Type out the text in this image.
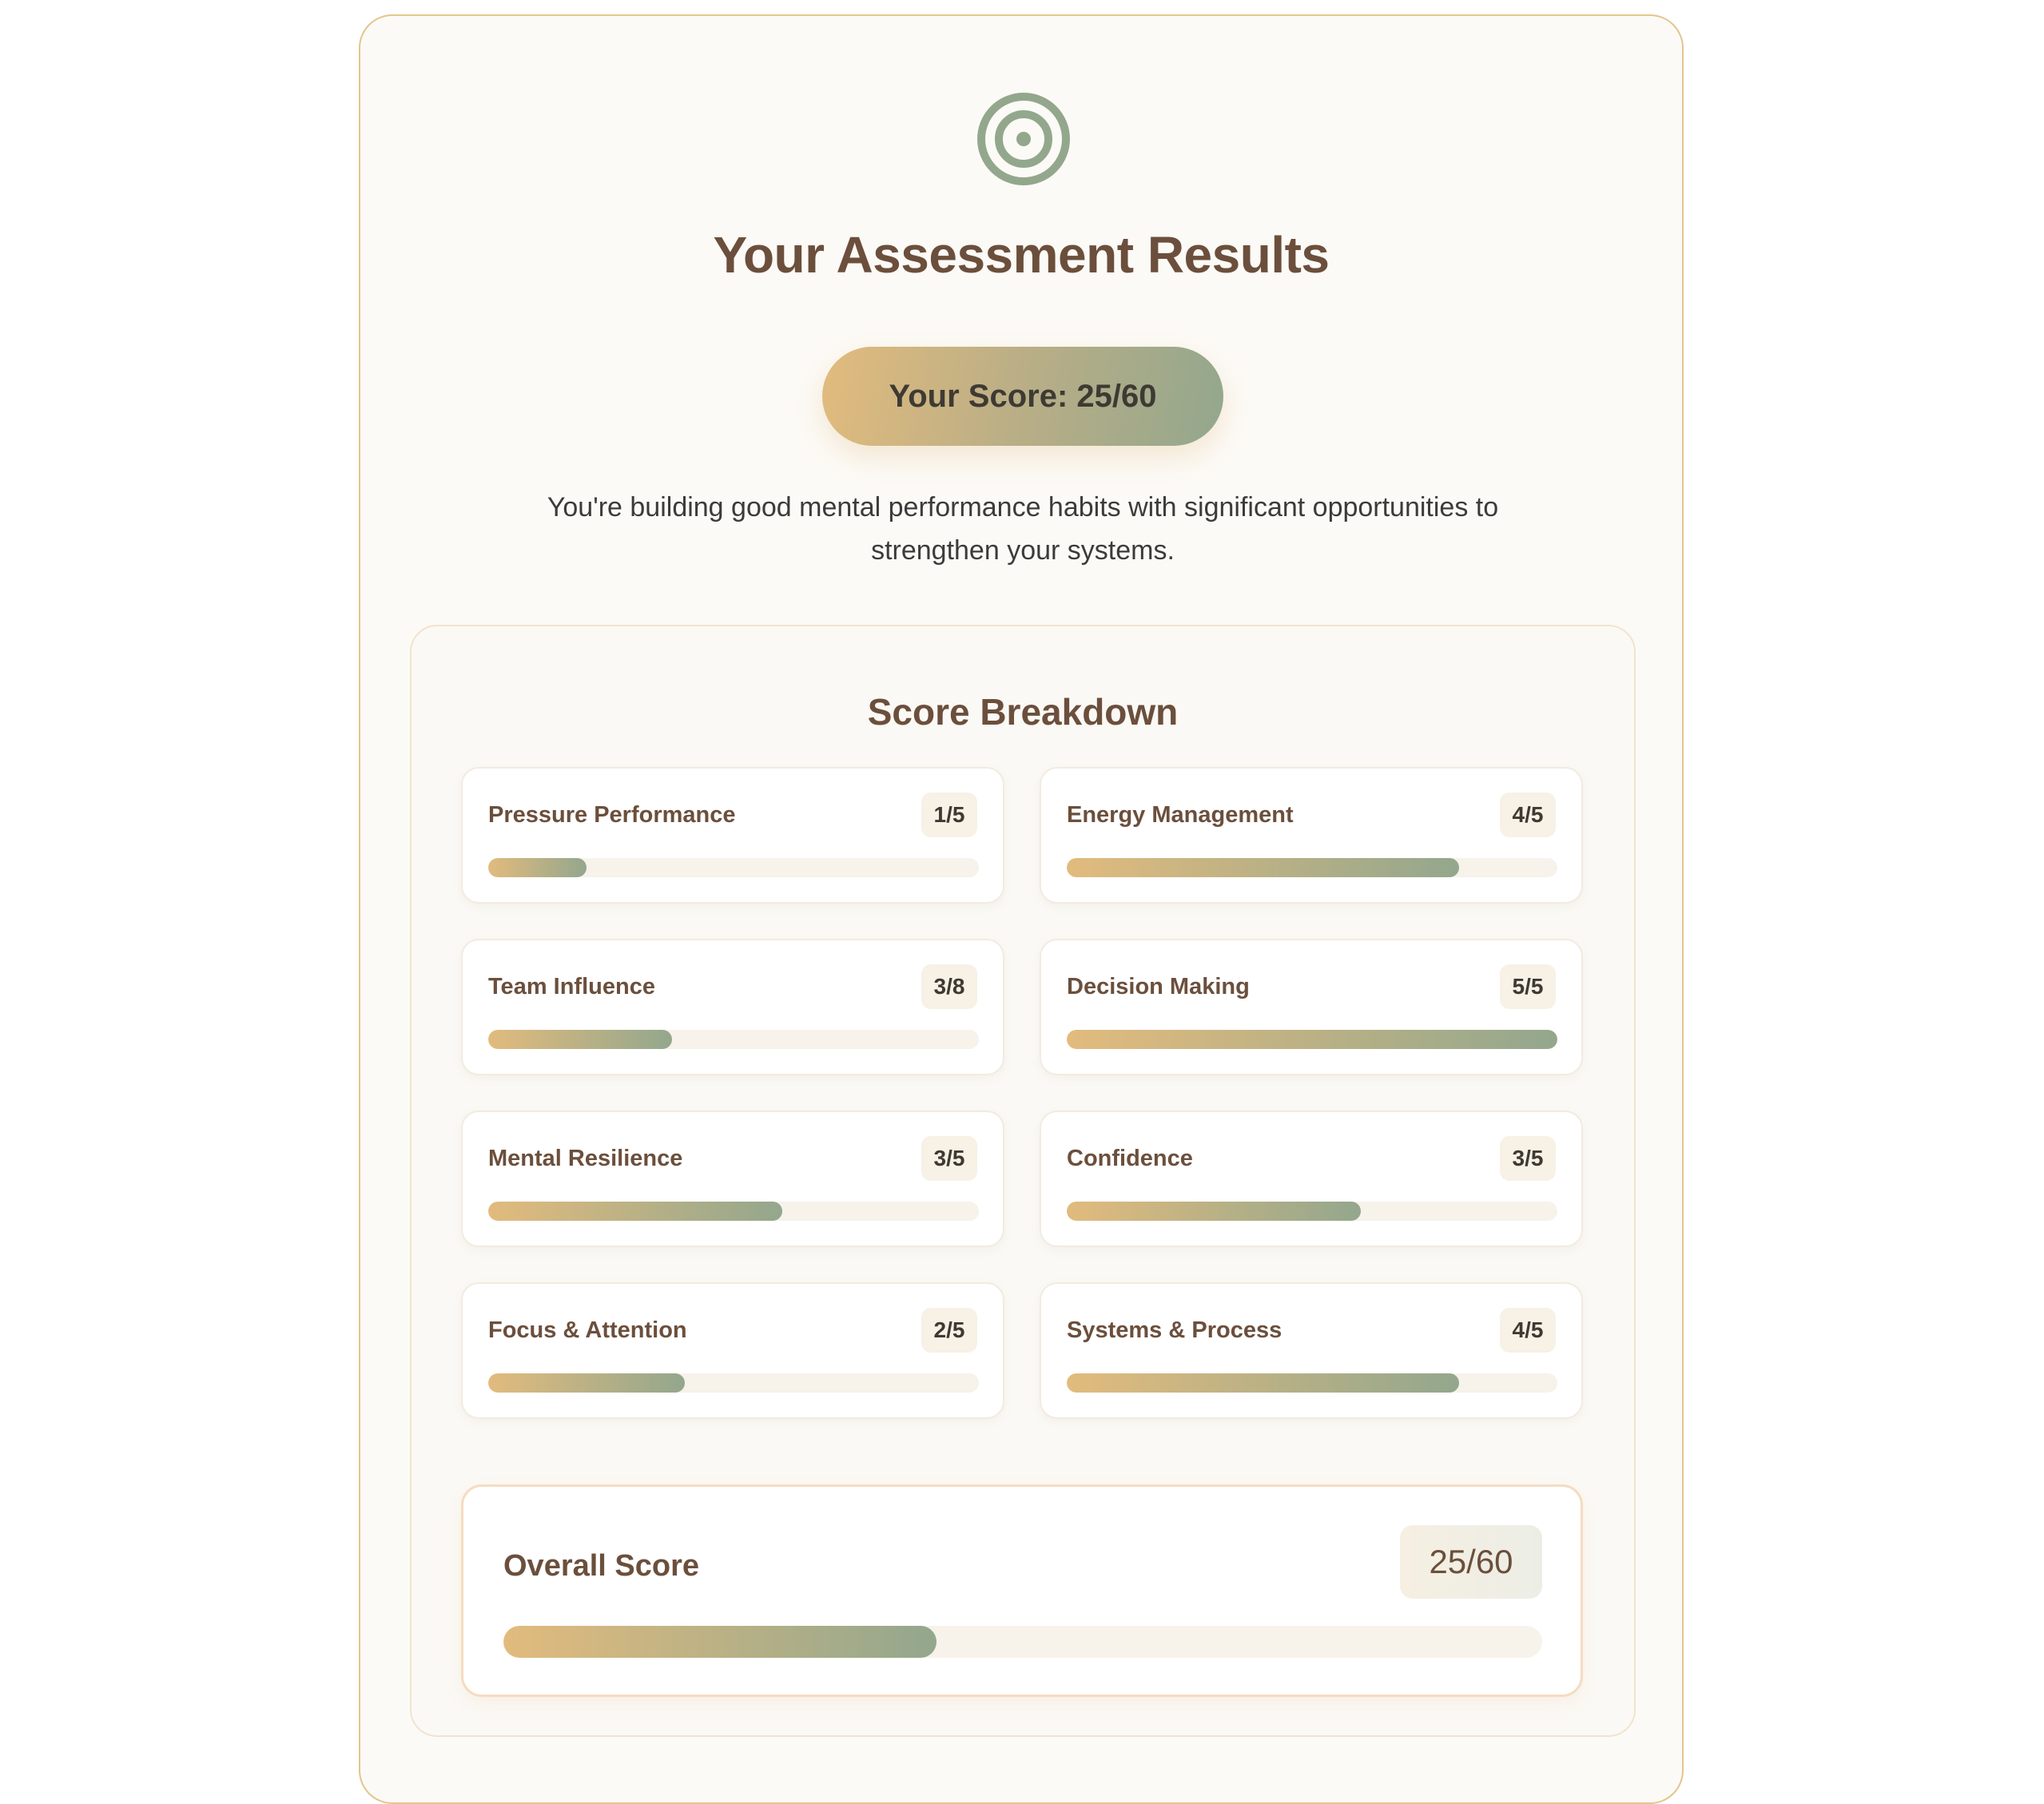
Your Assessment Results
Your Score: 25/60
You're building good mental performance habits with significant opportunities to strengthen your systems.
Score Breakdown
Pressure Performance	1/5	Energy Management	4/5
Team Influence	3/8	Decision Making	5/5
Mental Resilience	3/5	Confidence	3/5
Focus & Attention	2/5	Systems & Process	4/5
Overall Score	25/60
